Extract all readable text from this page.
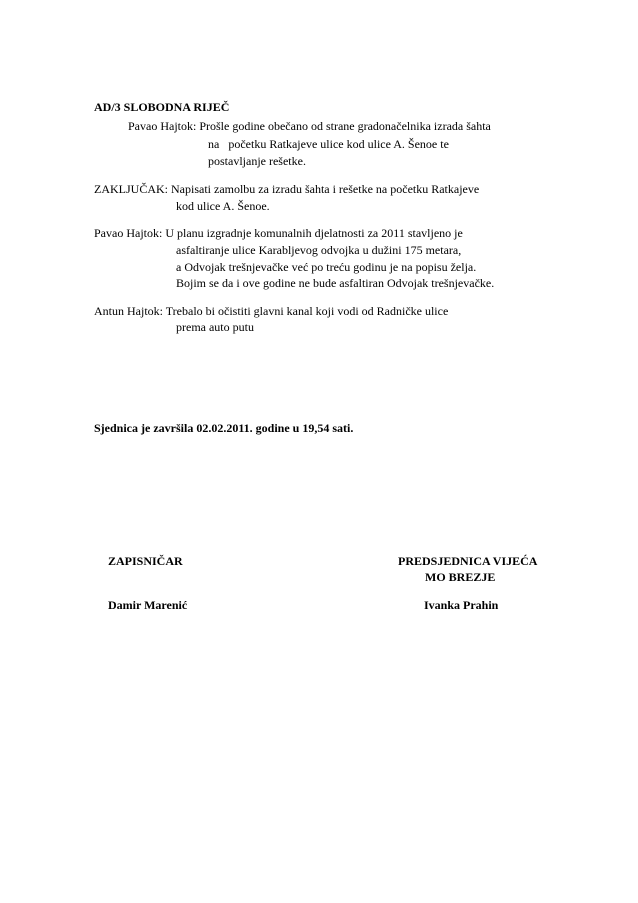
AD/3 SLOBODNA RIJEČ

Pavao Hajtok: Prošle godine obečano od strane gradonačelnika izrada šahta

na   početku Ratkajeve ulice kod ulice A. Šenoe te

postavljanje rešetke.

ZAKLJUČAK: Napisati zamolbu za izradu šahta i rešetke na početku Ratkajeve

kod ulice A. Šenoe.

Pavao Hajtok: U planu izgradnje komunalnih djelatnosti za 2011 stavljeno je

asfaltiranje ulice Karabljevog odvojka u dužini 175 metara,

a Odvojak trešnjevačke već po treću godinu je na popisu želja.

Bojim se da i ove godine ne bude asfaltiran Odvojak trešnjevačke.

Antun Hajtok: Trebalo bi očistiti glavni kanal koji vodi od Radničke ulice

prema auto putu

Sjednica je završila 02.02.2011. godine u 19,54 sati.

ZAPISNIČAR	PREDSJEDNICA VIJEĆA

MO BREZJE

Damir Marenić	Ivanka Prahin
